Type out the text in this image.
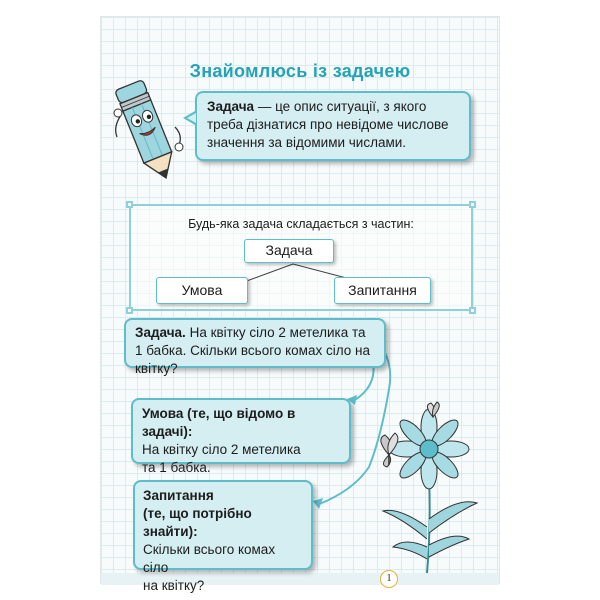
Знайомлюсь із задачею
Задача — це опис ситуації, з якого треба дізнатися про невідоме числове значення за відомими числами.
Будь-яка задача складається з частин:
Задача
Умова	Запитання
Задача. На квітку сіло 2 метелика та 1 бабка. Скільки всього комах сіло на квітку?
Умова (те, що відомо в задачі):
На квітку сіло 2 метелика
та 1 бабка.
Запитання
(те, що потрібно знайти):
Скільки всього комах сіло
на квітку?	1
